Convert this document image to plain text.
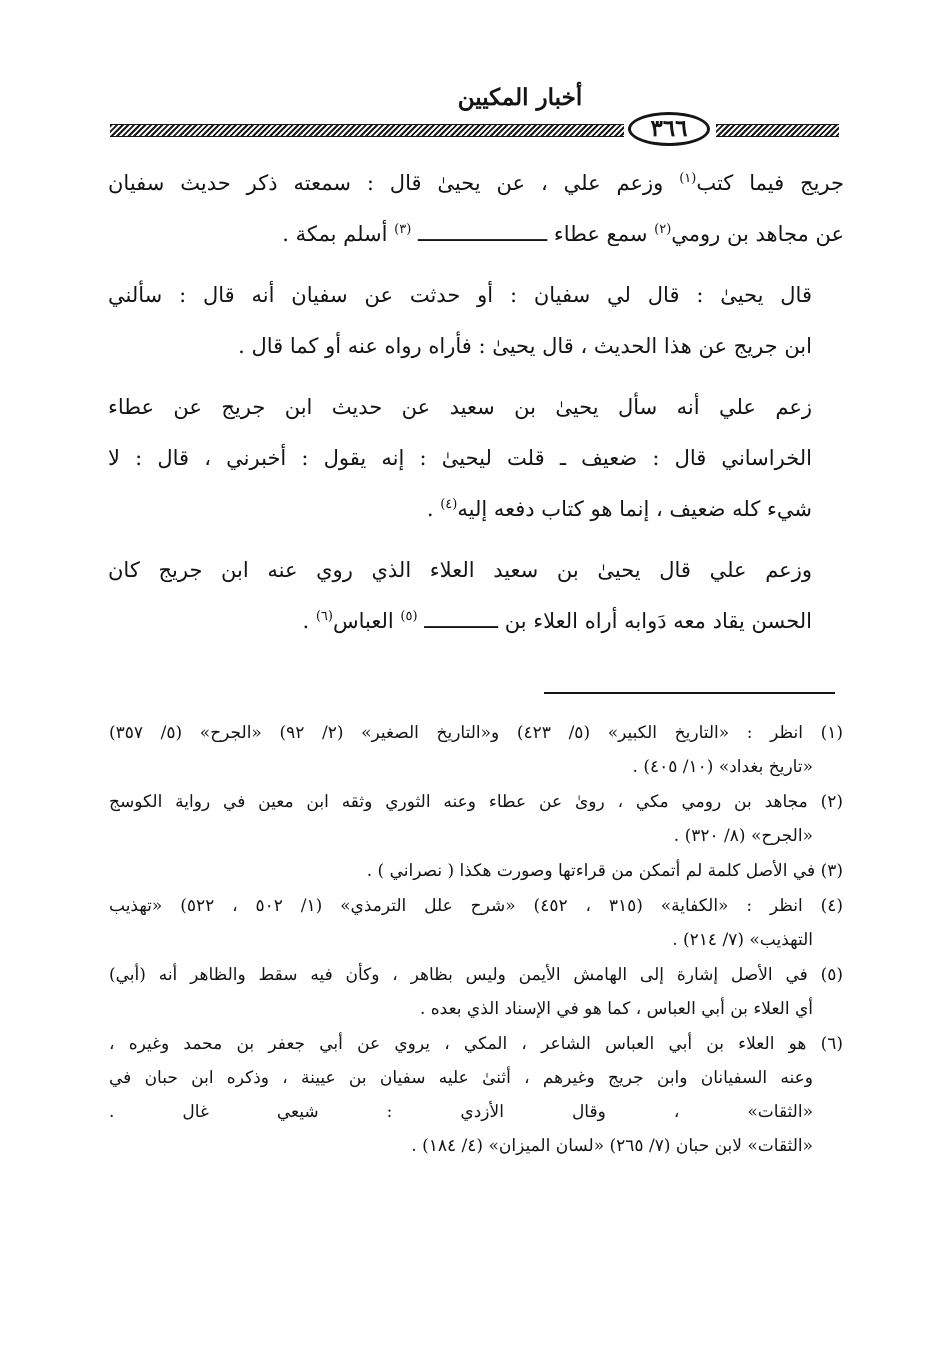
أخبار المكيين
٣٦٦
جريج فيما كتب$^{(١)}$ وزعم علي ، عن يحيىٰ قال : سمعته ذكر حديث سفيان
عن مجاهد بن رومي$^{(٢)}$ سمع عطاء ـــــــــــــــــــــ $^{(٣)}$ أسلم بمكة .
قال يحيىٰ : قال لي سفيان : أو حدثت عن سفيان أنه قال : سألني
ابن جريج عن هذا الحديث ، قال يحيىٰ : فأراه رواه عنه أو كما قال .
زعم علي أنه سأل يحيىٰ بن سعيد عن حديث ابن جريج عن عطاء
الخراساني قال : ضعيف ـ قلت ليحيىٰ : إنه يقول : أخبرني ، قال : لا
شيء كله ضعيف ، إنما هو كتاب دفعه إليه$^{(٤)}$ .
وزعم علي قال يحيىٰ بن سعيد العلاء الذي روي عنه ابن جريج كان
الحسن يقاد معه دَوابه أراه العلاء بن ــــــــــــ $^{(٥)}$ العباس$^{(٦)}$ .
(١) انظر : «التاريخ الكبير» (٥/ ٤٢٣) و«التاريخ الصغير» (٢/ ٩٢) «الجرح» (٥/ ٣٥٧)
«تاريخ بغداد» (١٠/ ٤٠٥) .
(٢) مجاهد بن رومي مكي ، روىٰ عن عطاء وعنه الثوري وثقه ابن معين في رواية الكوسج
«الجرح» (٨/ ٣٢٠) .
(٣) في الأصل كلمة لم أتمكن من قراءتها وصورت هكذا ( نصراني ) .
(٤) انظر : «الكفاية» (٣١٥ ، ٤٥٢) «شرح علل الترمذي» (١/ ٥٠٢ ، ٥٢٢) «تهذيب
التهذيب» (٧/ ٢١٤) .
(٥) في الأصل إشارة إلى الهامش الأيمن وليس بظاهر ، وكأن فيه سقط والظاهر أنه (أبي)
أي العلاء بن أبي العباس ، كما هو في الإسناد الذي بعده .
(٦) هو العلاء بن أبي العباس الشاعر ، المكي ، يروي عن أبي جعفر بن محمد وغيره ،
وعنه السفيانان وابن جريج وغيرهم ، أثنىٰ عليه سفيان بن عيينة ، وذكره ابن حبان في
«الثقات» ، وقال الأزدي : شيعي غال .
«الثقات» لابن حبان (٧/ ٢٦٥) «لسان الميزان» (٤/ ١٨٤) .
